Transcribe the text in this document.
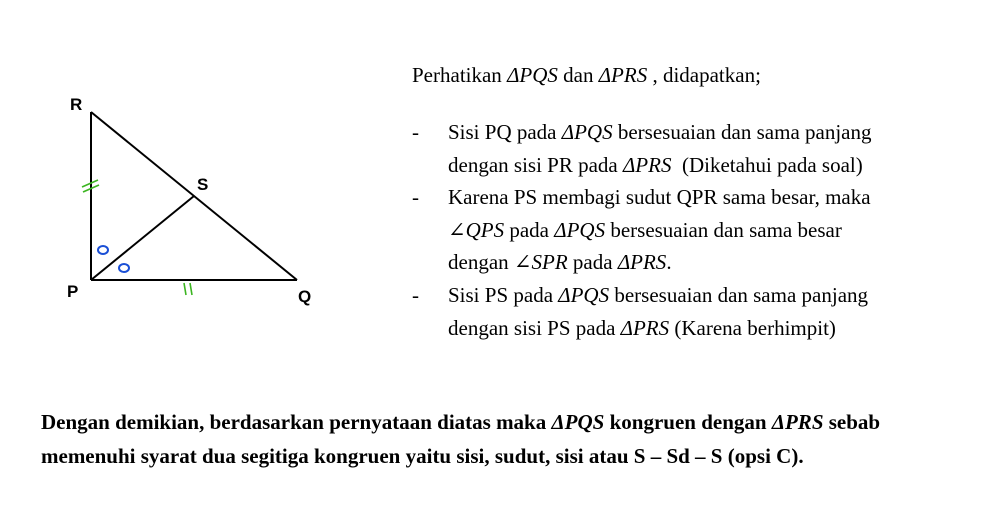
R
S
P	Q
Perhatikan ΔPQS dan ΔPRS , didapatkan;
- Sisi PQ pada ΔPQS bersesuaian dan sama panjang
dengan sisi PR pada ΔPRS  (Diketahui pada soal)
- Karena PS membagi sudut QPR sama besar, maka
∠QPS pada ΔPQS bersesuaian dan sama besar
dengan ∠SPR pada ΔPRS.
- Sisi PS pada ΔPQS bersesuaian dan sama panjang
dengan sisi PS pada ΔPRS (Karena berhimpit)
Dengan demikian, berdasarkan pernyataan diatas maka ΔPQS kongruen dengan ΔPRS sebab memenuhi syarat dua segitiga kongruen yaitu sisi, sudut, sisi atau S – Sd – S (opsi C).
